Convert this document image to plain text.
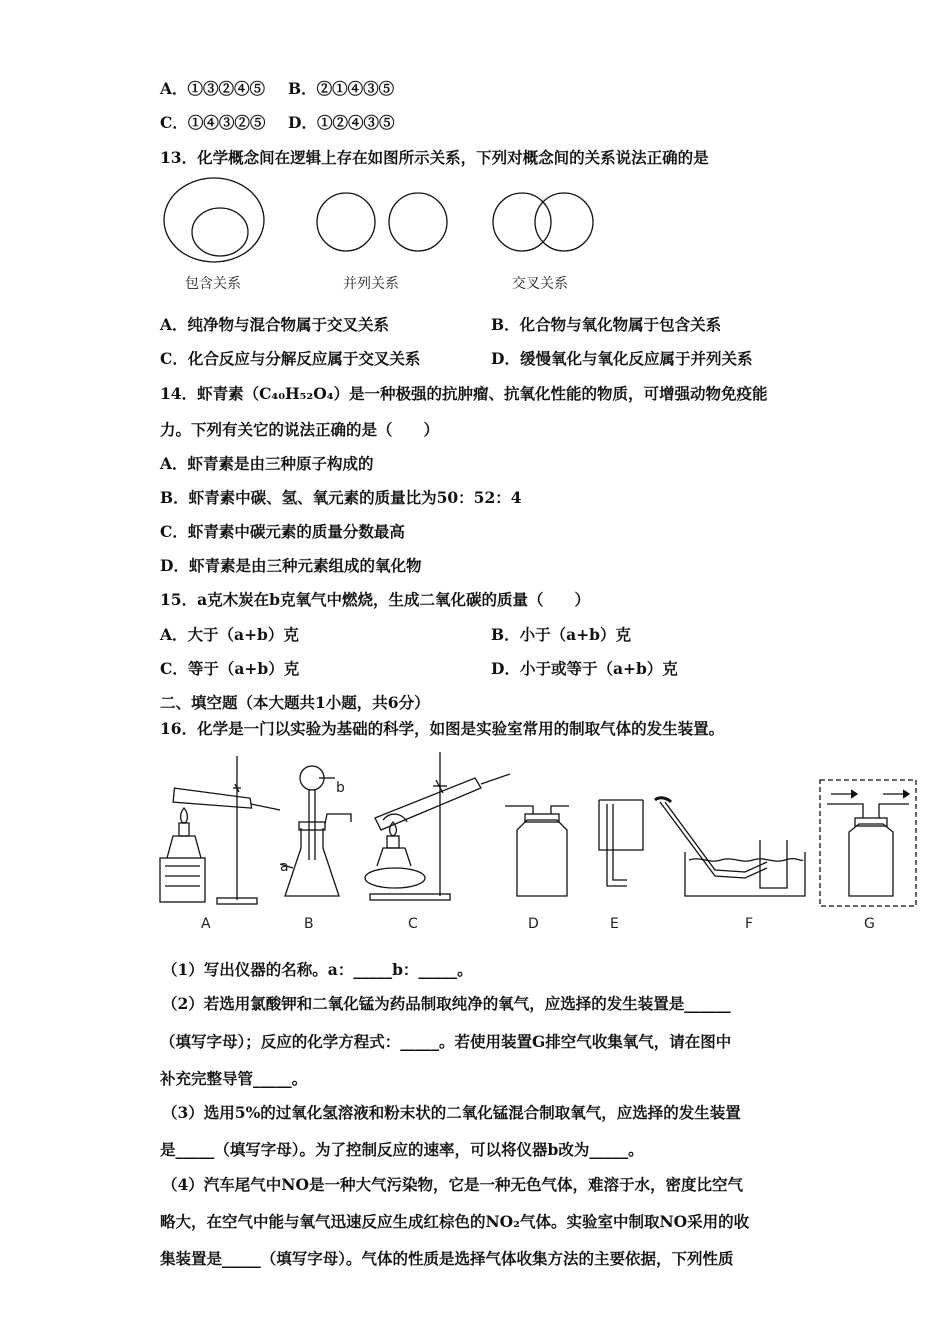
A．①③②④⑤ B．②①④③⑤
C．①④③②⑤ D．①②④③⑤
13．化学概念间在逻辑上存在如图所示关系，下列对概念间的关系说法正确的是
包含关系	并列关系	交叉关系
A．纯净物与混合物属于交叉关系	B．化合物与氧化物属于包含关系
C．化合反应与分解反应属于交叉关系	D．缓慢氧化与氧化反应属于并列关系
14．虾青素（C₄₀H₅₂O₄）是一种极强的抗肿瘤、抗氧化性能的物质，可增强动物免疫能
力。下列有关它的说法正确的是（　　）
A．虾青素是由三种原子构成的
B．虾青素中碳、氢、氧元素的质量比为50：52：4
C．虾青素中碳元素的质量分数最高
D．虾青素是由三种元素组成的氧化物
15．a克木炭在b克氧气中燃烧，生成二氧化碳的质量（　　）
A．大于（a+b）克	B．小于（a+b）克
C．等于（a+b）克	D．小于或等于（a+b）克
二、填空题（本大题共1小题，共6分）
16．化学是一门以实验为基础的科学，如图是实验室常用的制取气体的发生装置。
a
b
A	B	C	D	E	F	G
（1）写出仪器的名称。a：_____b：_____。
（2）若选用氯酸钾和二氧化锰为药品制取纯净的氧气，应选择的发生装置是______
（填写字母）；反应的化学方程式：_____。若使用装置G排空气收集氧气，请在图中
补充完整导管_____。
（3）选用5%的过氧化氢溶液和粉末状的二氧化锰混合制取氧气，应选择的发生装置
是_____（填写字母）。为了控制反应的速率，可以将仪器b改为_____。
（4）汽车尾气中NO是一种大气污染物，它是一种无色气体，难溶于水，密度比空气
略大，在空气中能与氧气迅速反应生成红棕色的NO₂气体。实验室中制取NO采用的收
集装置是_____（填写字母）。气体的性质是选择气体收集方法的主要依据，下列性质
